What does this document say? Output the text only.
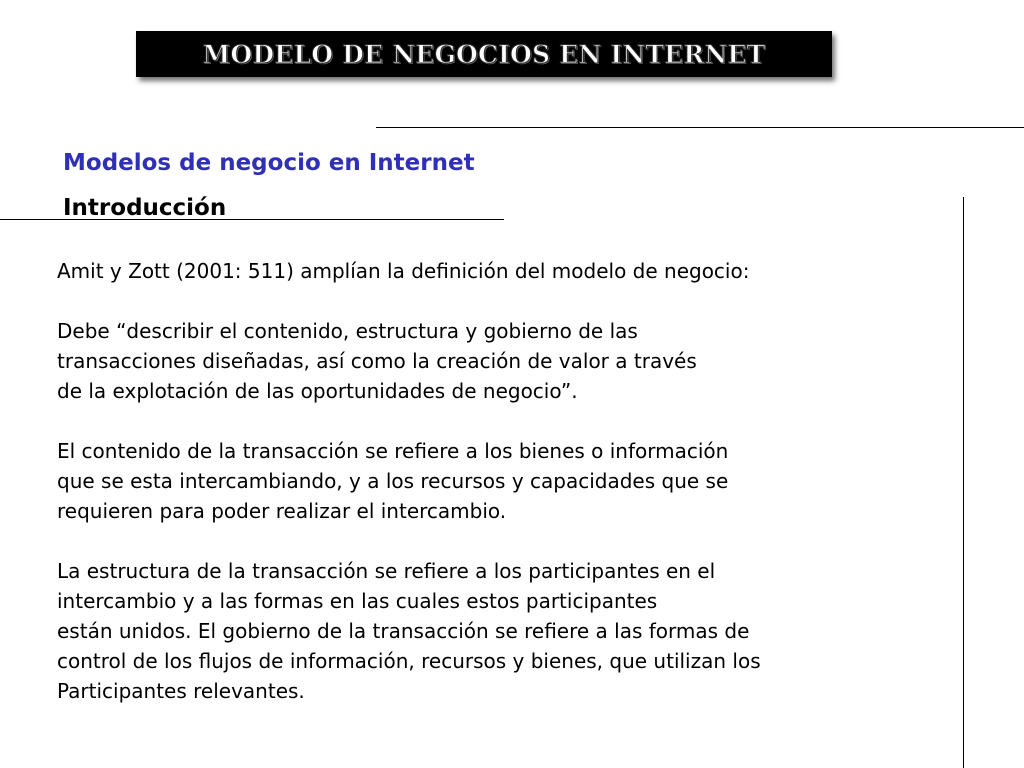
MODELO DE NEGOCIOS EN INTERNET
Modelos de negocio en Internet
Introducción

Amit y Zott (2001: 511) amplían la definición del modelo de negocio:

Debe “describir el contenido, estructura y gobierno de las
transacciones diseñadas, así como la creación de valor a través
de la explotación de las oportunidades de negocio”.

El contenido de la transacción se refiere a los bienes o información
que se esta intercambiando, y a los recursos y capacidades que se
requieren para poder realizar el intercambio.

La estructura de la transacción se refiere a los participantes en el
intercambio y a las formas en las cuales estos participantes
están unidos. El gobierno de la transacción se refiere a las formas de
control de los flujos de información, recursos y bienes, que utilizan los
Participantes relevantes.
